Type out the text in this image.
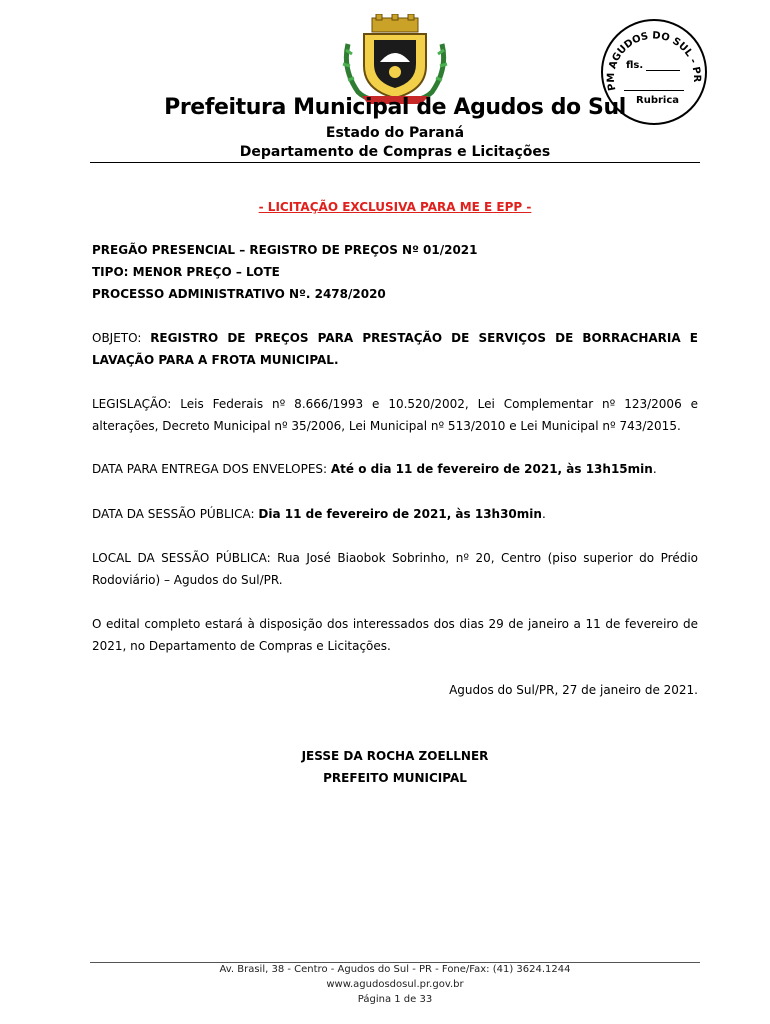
PM AGUDOS DO SUL - PR
fls.
Rubrica
Prefeitura Municipal de Agudos do Sul
Estado do Paraná
Departamento de Compras e Licitações
- LICITAÇÃO EXCLUSIVA PARA ME E EPP -
PREGÃO PRESENCIAL – REGISTRO DE PREÇOS Nº 01/2021
TIPO: MENOR PREÇO – LOTE
PROCESSO ADMINISTRATIVO Nº. 2478/2020
OBJETO: REGISTRO DE PREÇOS PARA PRESTAÇÃO DE SERVIÇOS DE BORRACHARIA E LAVAÇÃO PARA A FROTA MUNICIPAL.
LEGISLAÇÃO: Leis Federais nº 8.666/1993 e 10.520/2002, Lei Complementar nº 123/2006 e alterações, Decreto Municipal nº 35/2006, Lei Municipal nº 513/2010 e Lei Municipal nº 743/2015.
DATA PARA ENTREGA DOS ENVELOPES: Até o dia 11 de fevereiro de 2021, às 13h15min.
DATA DA SESSÃO PÚBLICA: Dia 11 de fevereiro de 2021, às 13h30min.
LOCAL DA SESSÃO PÚBLICA: Rua José Biaobok Sobrinho, nº 20, Centro (piso superior do Prédio Rodoviário) – Agudos do Sul/PR.
O edital completo estará à disposição dos interessados dos dias 29 de janeiro a 11 de fevereiro de 2021, no Departamento de Compras e Licitações.
Agudos do Sul/PR, 27 de janeiro de 2021.
JESSE DA ROCHA ZOELLNER
PREFEITO MUNICIPAL
Av. Brasil, 38 - Centro - Agudos do Sul - PR - Fone/Fax: (41) 3624.1244
www.agudosdosul.pr.gov.br
Página 1 de 33
